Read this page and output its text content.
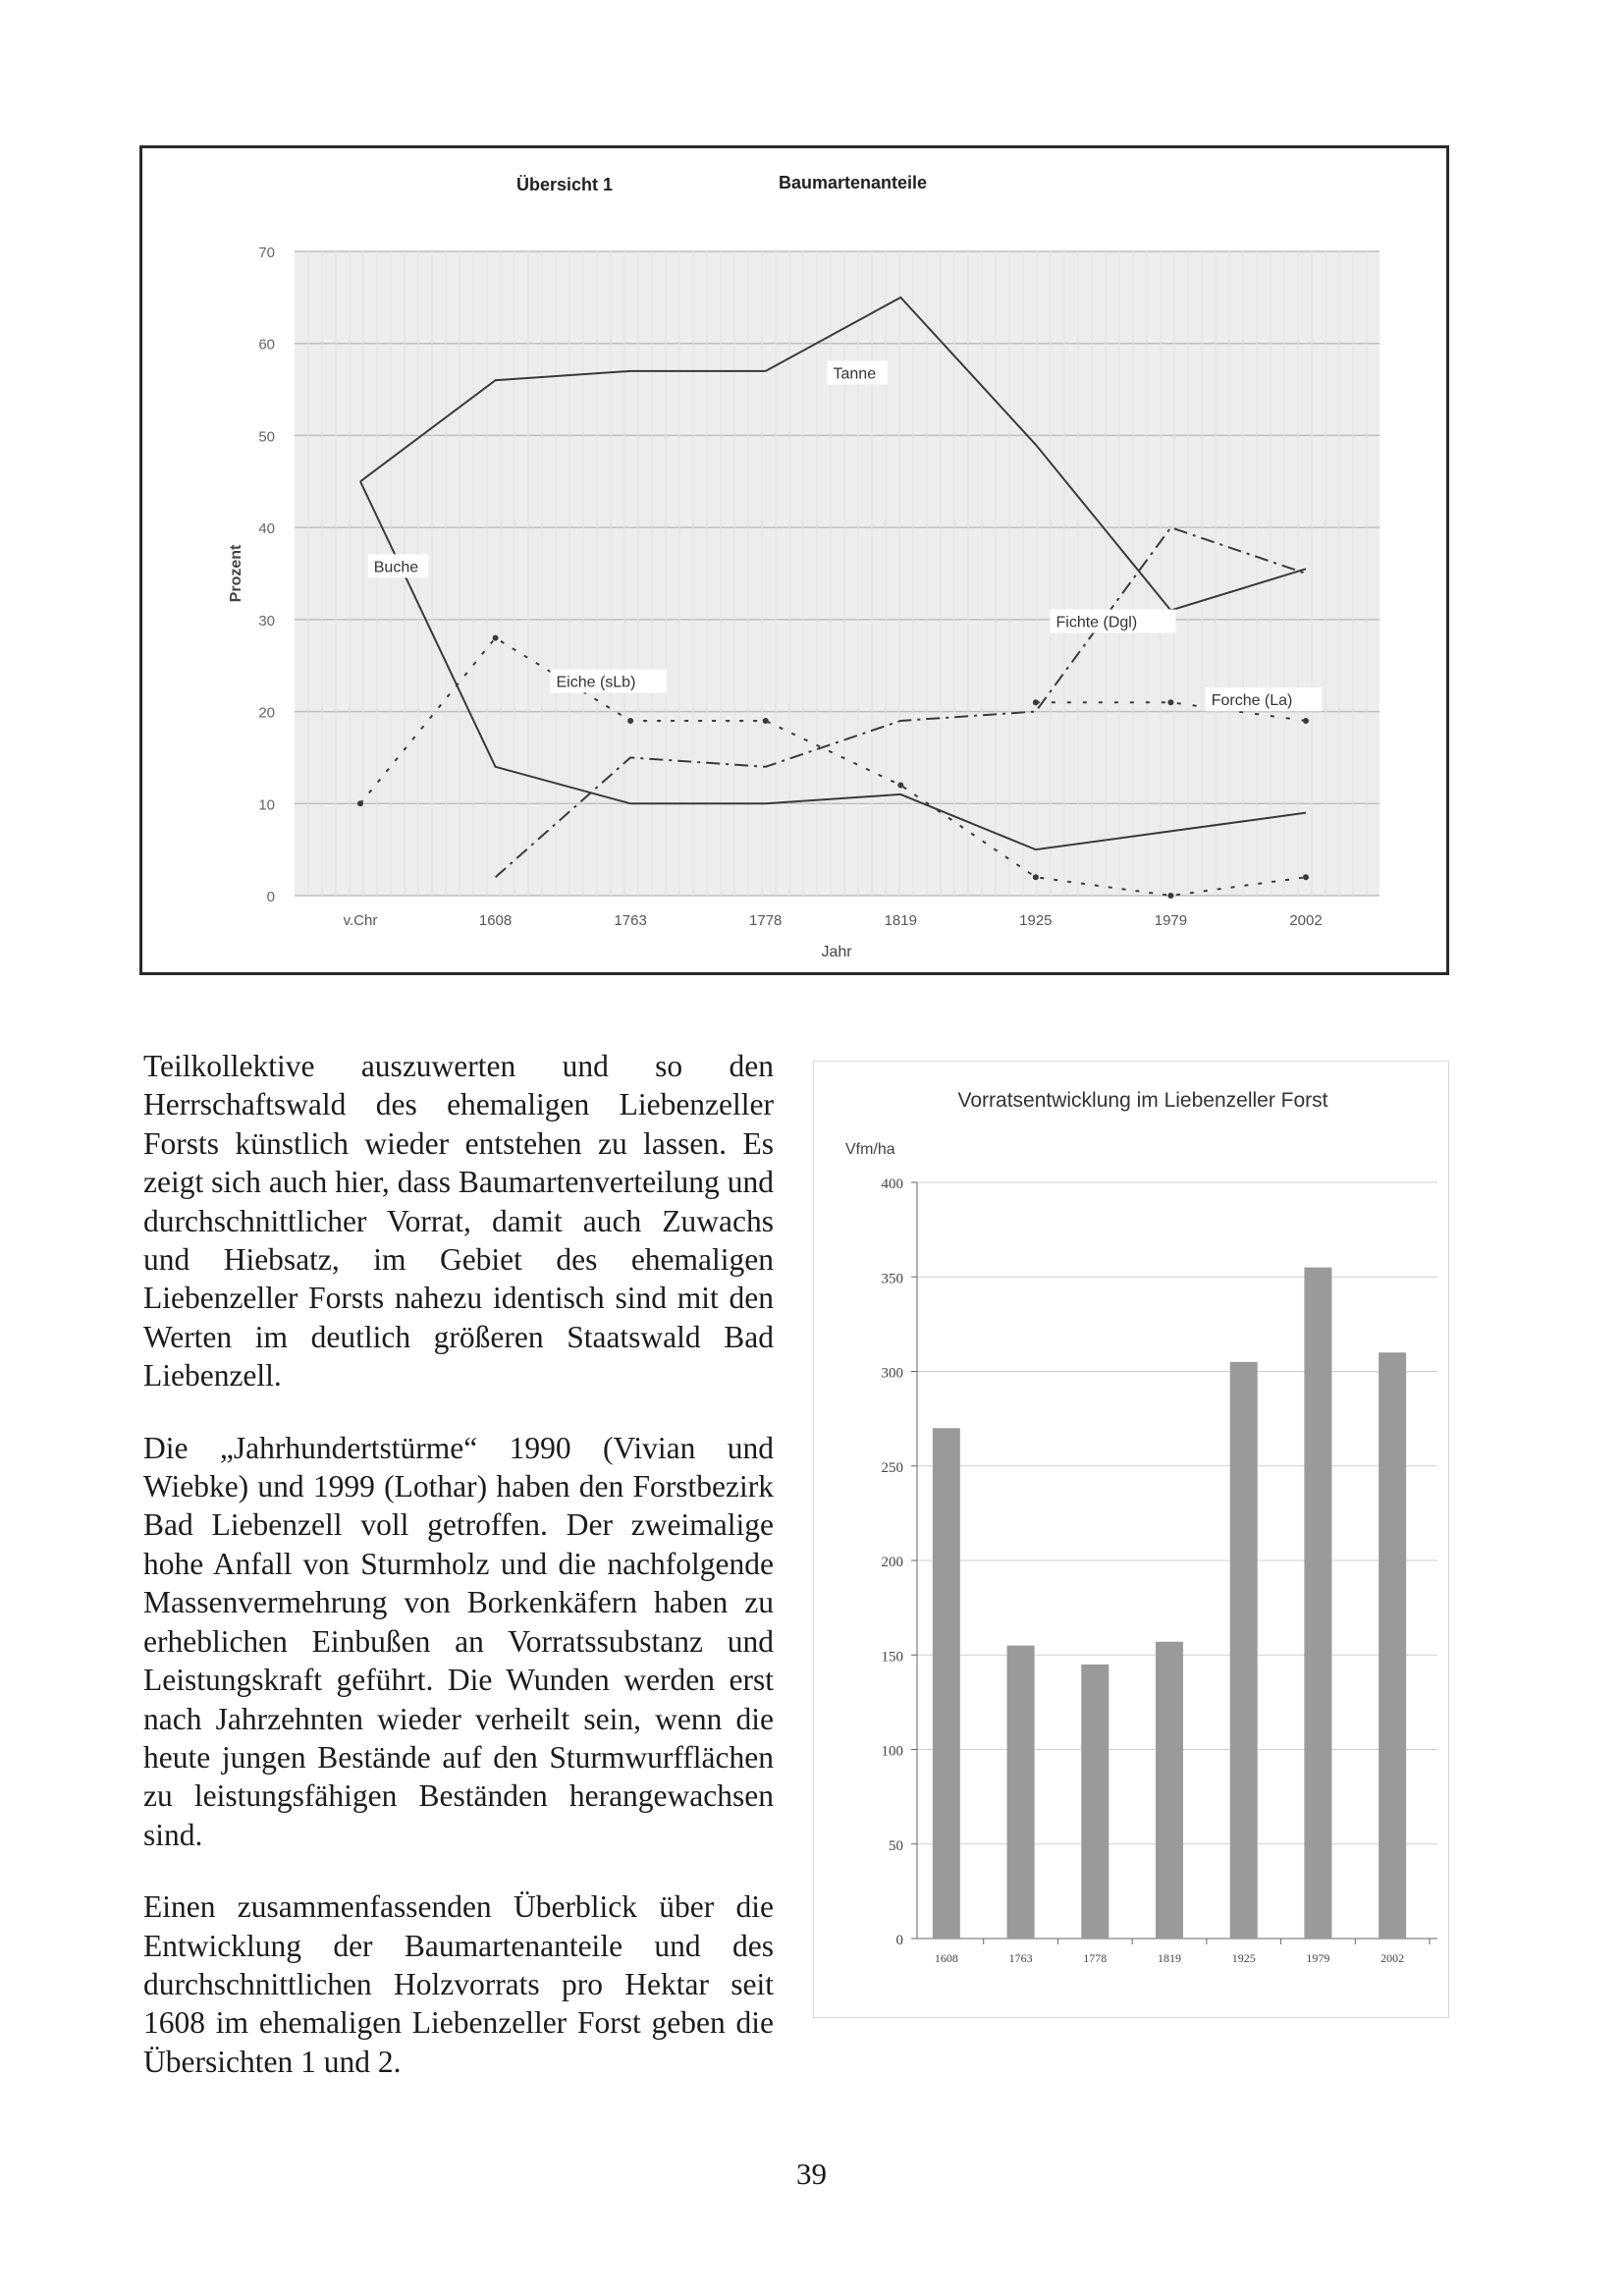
0
10
20
30
40
50
60
70
v.Chr	1608	1763	1778	1819	1925	1979	2002
Übersicht 1	Baumartenanteile
Jahr
Prozent
Tanne
Buche
Eiche (sLb)
Fichte (Dgl)
Forche (La)

Teilkollektive auszuwerten und so den Herrschaftswald des ehemaligen Liebenzeller Forsts künstlich wieder entstehen zu lassen. Es zeigt sich auch hier, dass Baumartenverteilung und durchschnittlicher Vorrat, damit auch Zuwachs und Hiebsatz, im Gebiet des ehemaligen Liebenzeller Forsts nahezu identisch sind mit den Werten im deutlich größeren Staatswald Bad Liebenzell.

Die „Jahrhundertstürme“ 1990 (Vivian und Wiebke) und 1999 (Lothar) haben den Forstbezirk Bad Liebenzell voll getroffen. Der zweimalige hohe Anfall von Sturmholz und die nachfolgende Massenvermehrung von Borkenkäfern haben zu erheblichen Einbußen an Vorratssubstanz und Leistungskraft geführt. Die Wunden werden erst nach Jahrzehnten wieder verheilt sein, wenn die heute jungen Bestände auf den Sturmwurfflächen zu leistungsfähigen Beständen herangewachsen sind.

Einen zusammenfassenden Überblick über die Entwicklung der Baumartenanteile und des durchschnittlichen Holzvorrats pro Hektar seit 1608 im ehemaligen Liebenzeller Forst geben die Übersichten 1 und 2.

Vorratsentwicklung im Liebenzeller Forst
Vfm/ha
0
50
100
150
200
250
300
350
400
1608	1763	1778	1819	1925	1979	2002
39
